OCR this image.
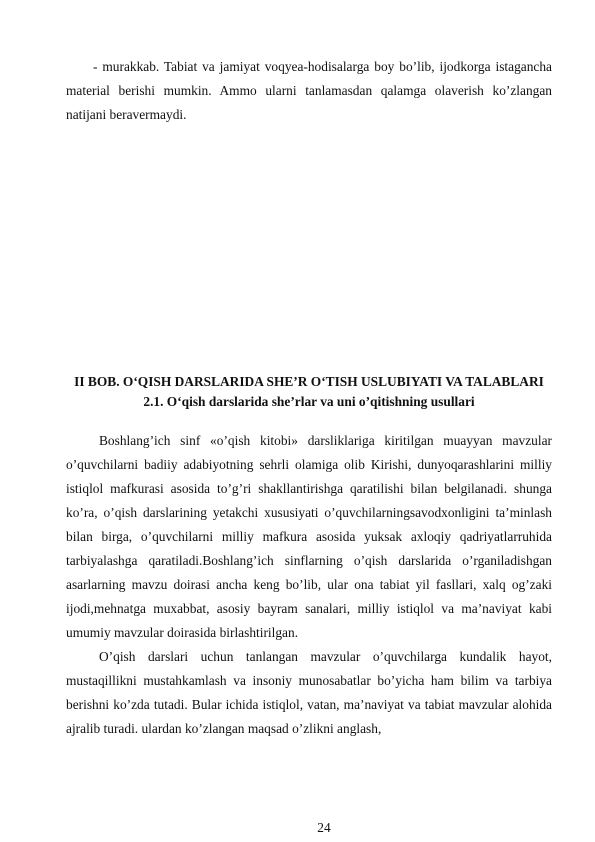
- murakkab. Tabiat va jamiyat voqyea-hodisalarga boy bo’lib, ijodkorga istagancha material berishi mumkin. Ammo ularni tanlamasdan qalamga olaverish ko’zlangan natijani beravermaydi.

II BOB. O‘QISH DARSLARIDA SHE’R O‘TISH USLUBIYATI VA TALABLARI
2.1. O‘qish darslarida she’rlar va uni o’qitishning usullari

Boshlang’ich sinf «o’qish kitobi» darsliklariga kiritilgan muayyan mavzular o’quvchilarni badiiy adabiyotning sehrli olamiga olib Kirishi, dunyoqarashlarini milliy istiqlol mafkurasi asosida to’g’ri shakllantirishga qaratilishi bilan belgilanadi. shunga ko’ra, o’qish darslarining yetakchi xususiyati o’quvchilarningsavodxonligini ta’minlash bilan birga, o’quvchilarni milliy mafkura asosida yuksak axloqiy qadriyatlarruhida tarbiyalashga qaratiladi.Boshlang’ich sinflarning o’qish darslarida o’rganiladishgan asarlarning mavzu doirasi ancha keng bo’lib, ular ona tabiat yil fasllari, xalq og’zaki ijodi,mehnatga muxabbat, asosiy bayram sanalari, milliy istiqlol va ma’naviyat kabi umumiy mavzular doirasida birlashtirilgan.

O’qish darslari uchun tanlangan mavzular o’quvchilarga kundalik hayot, mustaqillikni mustahkamlash va insoniy munosabatlar bo’yicha ham bilim va tarbiya berishni ko’zda tutadi. Bular ichida istiqlol, vatan, ma’naviyat va tabiat mavzular alohida ajralib turadi. ulardan ko’zlangan maqsad o’zlikni anglash,

24
